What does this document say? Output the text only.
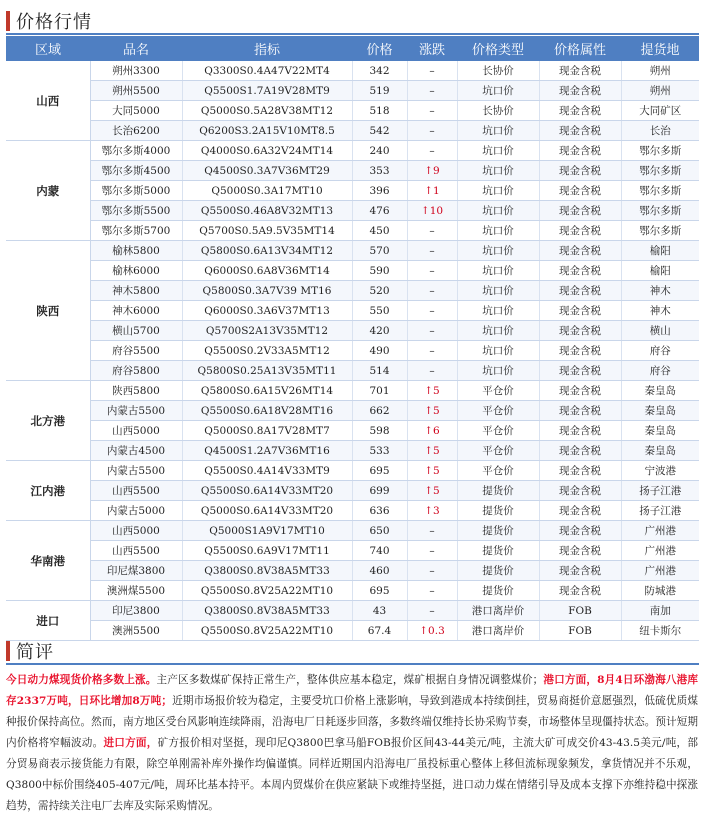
价格行情
区域	品名	指标	价格	涨跌	价格类型	价格属性	提货地
山西	朔州3300	Q3300S0.4A47V22MT4	342	–	长协价	现金含税	朔州
	朔州5500	Q5500S1.7A19V28MT9	519	–	坑口价	现金含税	朔州
	大同5000	Q5000S0.5A28V38MT12	518	–	长协价	现金含税	大同矿区
	长治6200	Q6200S3.2A15V10MT8.5	542	–	坑口价	现金含税	长治
内蒙	鄂尔多斯4000	Q4000S0.6A32V24MT14	240	–	坑口价	现金含税	鄂尔多斯
	鄂尔多斯4500	Q4500S0.3A7V36MT29	353	↑9	坑口价	现金含税	鄂尔多斯
	鄂尔多斯5000	Q5000S0.3A17MT10	396	↑1	坑口价	现金含税	鄂尔多斯
	鄂尔多斯5500	Q5500S0.46A8V32MT13	476	↑10	坑口价	现金含税	鄂尔多斯
	鄂尔多斯5700	Q5700S0.5A9.5V35MT14	450	–	坑口价	现金含税	鄂尔多斯
陕西	榆林5800	Q5800S0.6A13V34MT12	570	–	坑口价	现金含税	榆阳
	榆林6000	Q6000S0.6A8V36MT14	590	–	坑口价	现金含税	榆阳
	神木5800	Q5800S0.3A7V39 MT16	520	–	坑口价	现金含税	神木
	神木6000	Q6000S0.3A6V37MT13	550	–	坑口价	现金含税	神木
	横山5700	Q5700S2A13V35MT12	420	–	坑口价	现金含税	横山
	府谷5500	Q5500S0.2V33A5MT12	490	–	坑口价	现金含税	府谷
	府谷5800	Q5800S0.25A13V35MT11	514	–	坑口价	现金含税	府谷
北方港	陕西5800	Q5800S0.6A15V26MT14	701	↑5	平仓价	现金含税	秦皇岛
	内蒙古5500	Q5500S0.6A18V28MT16	662	↑5	平仓价	现金含税	秦皇岛
	山西5000	Q5000S0.8A17V28MT7	598	↑6	平仓价	现金含税	秦皇岛
	内蒙古4500	Q4500S1.2A7V36MT16	533	↑5	平仓价	现金含税	秦皇岛
江内港	内蒙古5500	Q5500S0.4A14V33MT9	695	↑5	平仓价	现金含税	宁波港
	山西5500	Q5500S0.6A14V33MT20	699	↑5	提货价	现金含税	扬子江港
	内蒙古5000	Q5000S0.6A14V33MT20	636	↑3	提货价	现金含税	扬子江港
华南港	山西5000	Q5000S1A9V17MT10	650	–	提货价	现金含税	广州港
	山西5500	Q5500S0.6A9V17MT11	740	–	提货价	现金含税	广州港
	印尼煤3800	Q3800S0.8V38A5MT33	460	–	提货价	现金含税	广州港
	澳洲煤5500	Q5500S0.8V25A22MT10	695	–	提货价	现金含税	防城港
进口	印尼3800	Q3800S0.8V38A5MT33	43	–	港口离岸价	FOB	南加
	澳洲5500	Q5500S0.8V25A22MT10	67.4	↑0.3	港口离岸价	FOB	纽卡斯尔
简评
今日动力煤现货价格多数上涨。主产区多数煤矿保持正常生产，整体供应基本稳定，煤矿根据自身情况调整煤价；港口方面，8月4日环渤海八港库存2337万吨，日环比增加8万吨；近期市场报价较为稳定，主要受坑口价格上涨影响，导致到港成本持续倒挂，贸易商挺价意愿强烈，低硫优质煤种报价保持高位。然而，南方地区受台风影响连续降雨，沿海电厂日耗逐步回落，多数终端仅维持长协采购节奏，市场整体呈现僵持状态。预计短期内价格将窄幅波动。进口方面，矿方报价相对坚挺，现印尼Q3800巴拿马船FOB报价区间43-44美元/吨，主流大矿可成交价43-43.5美元/吨，部分贸易商表示接货能力有限，除空单刚需补库外操作均偏谨慎。同样近期国内沿海电厂虽投标重心整体上移但流标现象频发，拿货情况并不乐观，Q3800中标价围绕405-407元/吨，周环比基本持平。本周内贸煤价在供应紧缺下或维持坚挺，进口动力煤在情绪引导及成本支撑下亦维持稳中探涨趋势，需持续关注电厂去库及实际采购情况。
